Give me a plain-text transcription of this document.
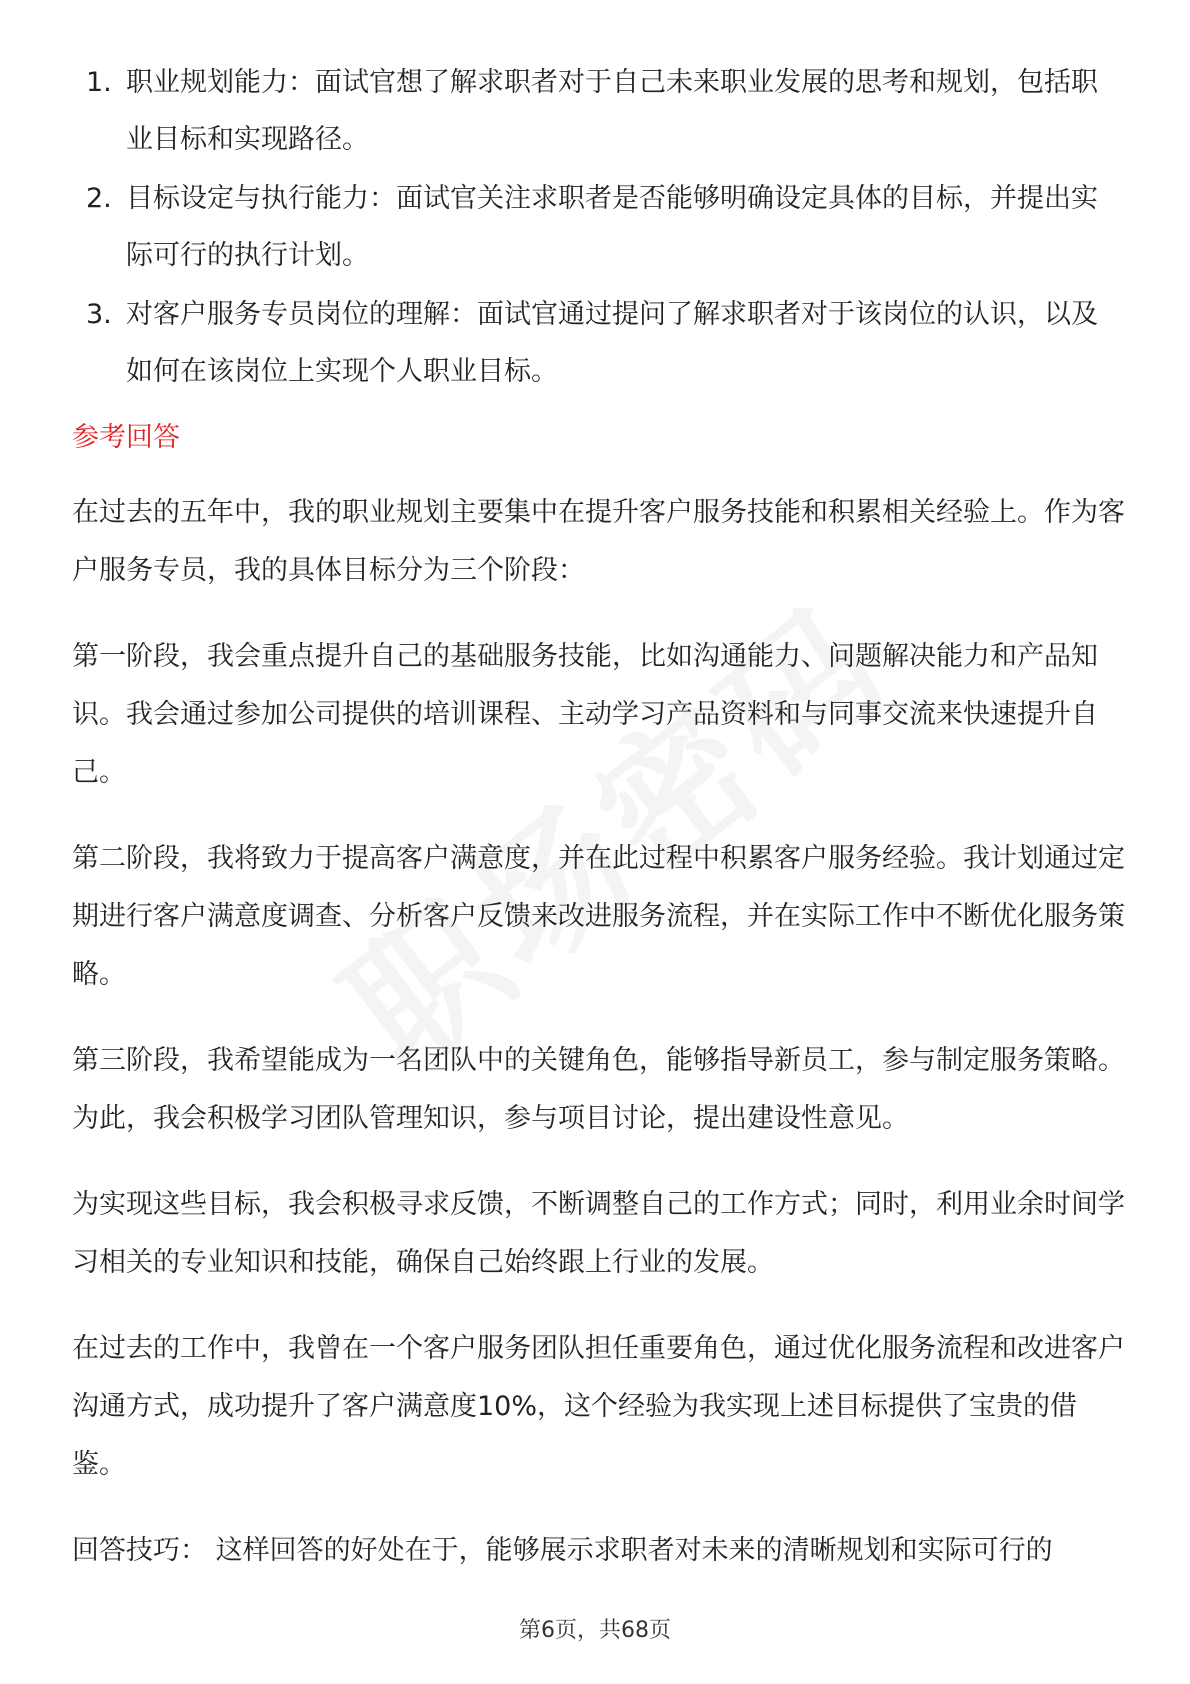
1. 职业规划能力：面试官想了解求职者对于自己未来职业发展的思考和规划，包括职业目标和实现路径。
2. 目标设定与执行能力：面试官关注求职者是否能够明确设定具体的目标，并提出实际可行的执行计划。
3. 对客户服务专员岗位的理解：面试官通过提问了解求职者对于该岗位的认识，以及如何在该岗位上实现个人职业目标。
参考回答

在过去的五年中，我的职业规划主要集中在提升客户服务技能和积累相关经验上。作为客户服务专员，我的具体目标分为三个阶段：

第一阶段，我会重点提升自己的基础服务技能，比如沟通能力、问题解决能力和产品知识。我会通过参加公司提供的培训课程、主动学习产品资料和与同事交流来快速提升自己。

第二阶段，我将致力于提高客户满意度，并在此过程中积累客户服务经验。我计划通过定期进行客户满意度调查、分析客户反馈来改进服务流程，并在实际工作中不断优化服务策略。

第三阶段，我希望能成为一名团队中的关键角色，能够指导新员工，参与制定服务策略。为此，我会积极学习团队管理知识，参与项目讨论，提出建设性意见。

为实现这些目标，我会积极寻求反馈，不断调整自己的工作方式；同时，利用业余时间学习相关的专业知识和技能，确保自己始终跟上行业的发展。

在过去的工作中，我曾在一个客户服务团队担任重要角色，通过优化服务流程和改进客户沟通方式，成功提升了客户满意度10%，这个经验为我实现上述目标提供了宝贵的借鉴。

回答技巧： 这样回答的好处在于，能够展示求职者对未来的清晰规划和实际可行的

第6页，共68页
